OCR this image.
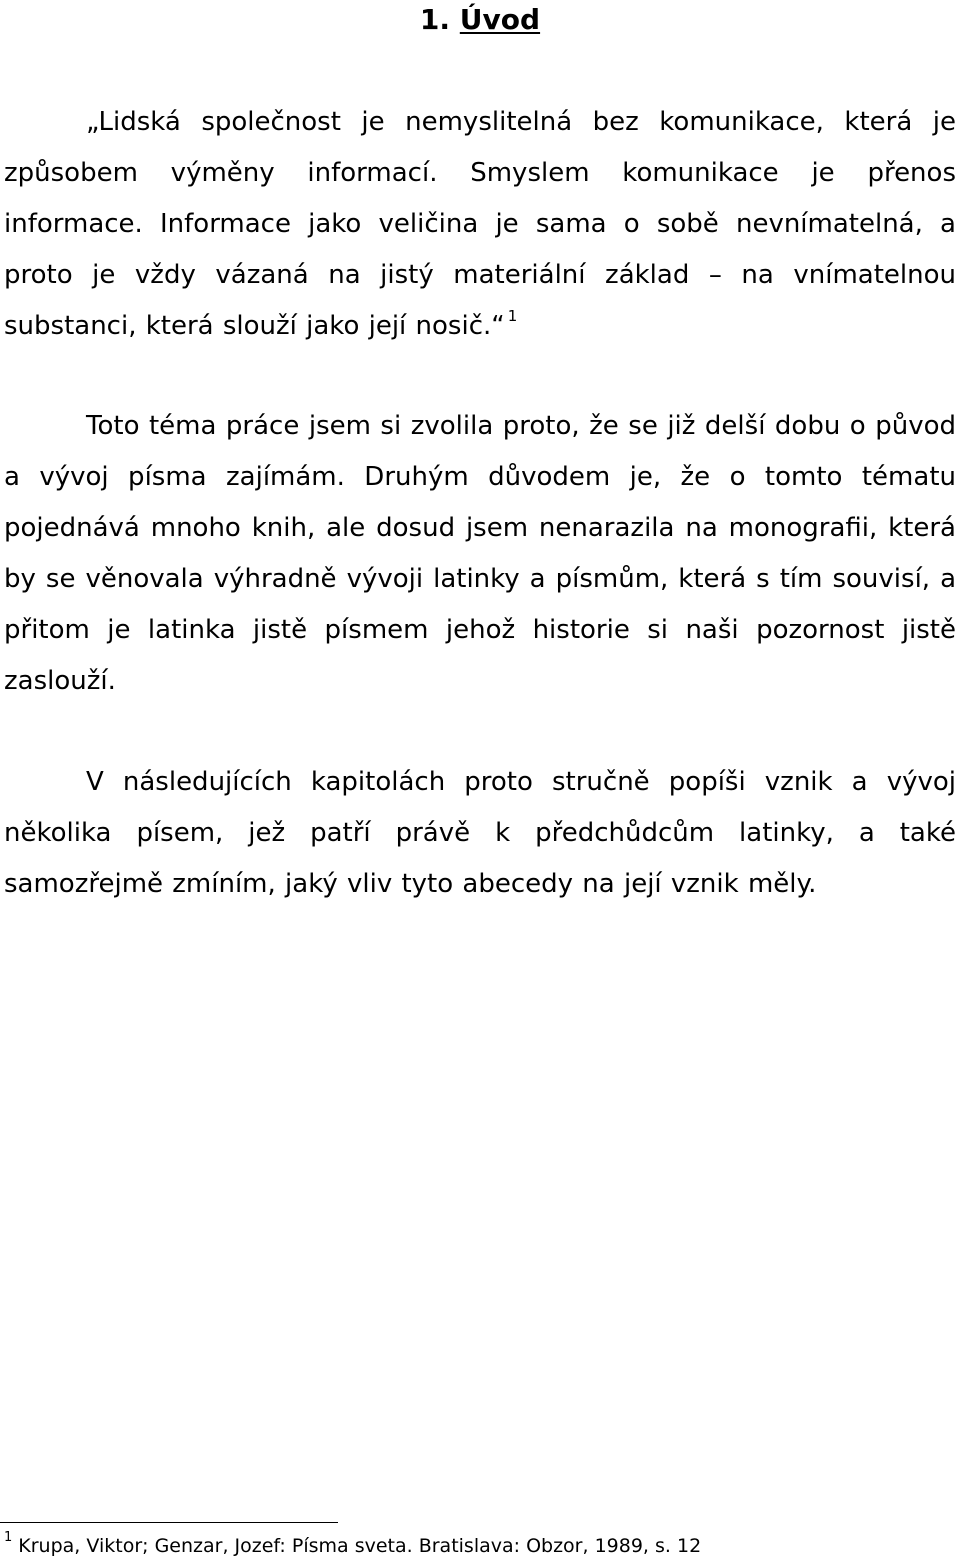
1. Úvod

„Lidská společnost je nemyslitelná bez komunikace, která je způsobem výměny informací. Smyslem komunikace je přenos informace. Informace jako veličina je sama o sobě nevnímatelná, a proto je vždy vázaná na jistý materiální základ – na vnímatelnou substanci, která slouží jako její nosič.“ $^1$

Toto téma práce jsem si zvolila proto, že se již delší dobu o původ a vývoj písma zajímám. Druhým důvodem je, že o tomto tématu pojednává mnoho knih, ale dosud jsem nenarazila na monografii, která by se věnovala výhradně vývoji latinky a písmům, která s tím souvisí, a přitom je latinka jistě písmem jehož historie si naši pozornost jistě zaslouží.

V následujících kapitolách proto stručně popíši vznik a vývoj několika písem, jež patří právě k předchůdcům latinky, a také samozřejmě zmíním, jaký vliv tyto abecedy na její vznik měly.

$^1$ Krupa, Viktor; Genzar, Jozef: Písma sveta. Bratislava: Obzor, 1989, s. 12
